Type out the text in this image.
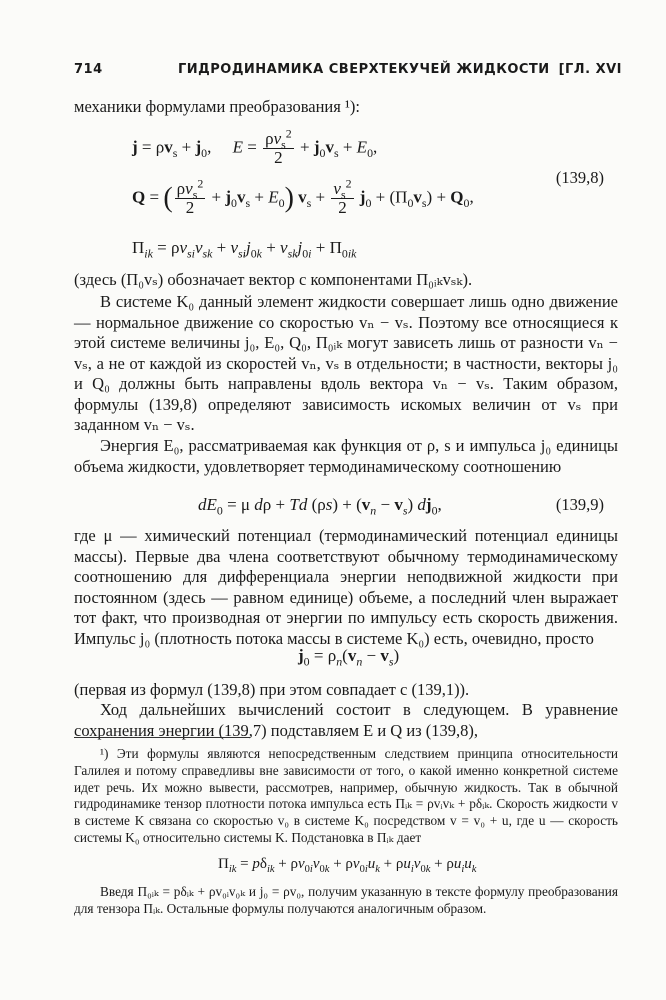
714	ГИДРОДИНАМИКА СВЕРХТЕКУЧЕЙ ЖИДКОСТИ [ГЛ. XVI

механики формулами преобразования ¹):

$j = \rho v_s + j_0$,     $E = \frac{\rho v_s^2}{2} + j_0v_s + E_0$,
Q = ( $\frac{\rho v_s^2}{2} + j_0v_s + E_0$) $v_s + \frac{v_s^2}{2} j_0 + (\Pi_0v_s) + Q_0$,
(139,8)
$\Pi_{ik} = \rho v_{si}v_{sk} + v_{si}j_{0k} + v_{sk}j_{0i} + \Pi_{0ik}$

(здесь (Π₀vₛ) обозначает вектор с компонентами Π₀ᵢₖvₛₖ).

В системе K₀ данный элемент жидкости совершает лишь одно движение — нормальное движение со скоростью vₙ − vₛ. Поэтому все относящиеся к этой системе величины j₀, E₀, Q₀, Π₀ᵢₖ могут зависеть лишь от разности vₙ − vₛ, а не от каждой из скоростей vₙ, vₛ в отдельности; в частности, векторы j₀ и Q₀ должны быть направлены вдоль вектора vₙ − vₛ. Таким образом, формулы (139,8) определяют зависимость искомых величин от vₛ при заданном vₙ − vₛ.

Энергия E₀, рассматриваемая как функция от ρ, s и импульса j₀ единицы объема жидкости, удовлетворяет термодинамическому соотношению

$dE_0 = \mu$ dρ + Td $(\rho s) + (v_n - v_s)$ $dj_0$,	(139,9)

где μ — химический потенциал (термодинамический потенциал единицы массы). Первые два члена соответствуют обычному термодинамическому соотношению для дифференциала энергии неподвижной жидкости при постоянном (здесь — равном единице) объеме, а последний член выражает тот факт, что производная от энергии по импульсу есть скорость движения. Импульс j₀ (плотность потока массы в системе K₀) есть, очевидно, просто

$j_0 = \rho_n(v_n - v_s)$

(первая из формул (139,8) при этом совпадает с (139,1)).

Ход дальнейших вычислений состоит в следующем. В уравнение сохранения энергии (139,7) подставляем E и Q из (139,8),

¹) Эти формулы являются непосредственным следствием принципа относительности Галилея и потому справедливы вне зависимости от того, о какой именно конкретной системе идет речь. Их можно вывести, рассмотрев, например, обычную жидкость. Так в обычной гидродинамике тензор плотности потока импульса есть Πᵢₖ = ρvᵢvₖ + pδᵢₖ. Скорость жидкости v в системе K связана со скоростью v₀ в системе K₀ посредством v = v₀ + u, где u — скорость системы K₀ относительно системы K. Подстановка в Πᵢₖ дает

$\Pi_{ik} = p\delta_{ik} + \rho v_{0i}v_{0k} + \rho v_{0i}u_k + \rho u_iv_{0k} + \rho u_iu_k$

Введя Π₀ᵢₖ = pδᵢₖ + ρv₀ᵢv₀ₖ и j₀ = ρv₀, получим указанную в тексте формулу преобразования для тензора Πᵢₖ. Остальные формулы получаются аналогичным образом.
